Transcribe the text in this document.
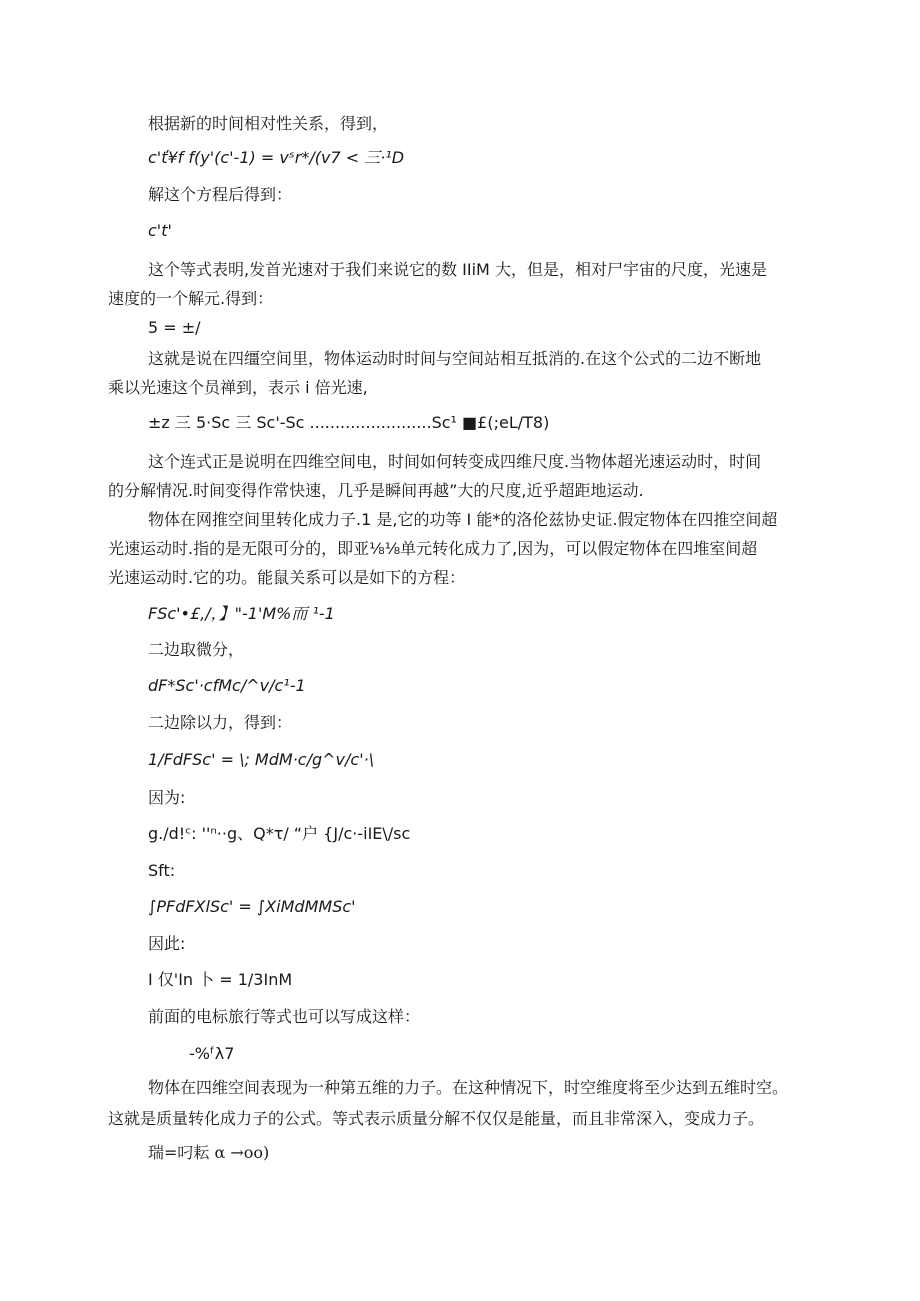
根据新的时间相对性关系，得到，
c'ť¥f f(y'(c'-1) = vˢr*/(v7 < 三·¹D
解这个方程后得到：
c't'
这个等式表明,发首光速对于我们来说它的数 IIiM 大，但是，相对尸宇宙的尺度，光速是
速度的一个解元.得到：
5 = ±/
这就是说在四缰空间里，物体运动时时间与空间站相互抵消的.在这个公式的二边不断地
乘以光速这个员禅到，表示 i 倍光速,
±z 三 5·Sc 三 Sc'-Sc ........................Sc¹ ■£(;eL/T8)
这个连式正是说明在四维空间电，时间如何转变成四维尺度.当物体超光速运动时，时间
的分解情况.时间变得作常快速，几乎是瞬间再越”大的尺度,近乎超距地运动.
物体在网推空间里转化成力子.1 是,它的功等 I 能*的洛伦兹协史证.假定物体在四推空间超
光速运动时.指的是无限可分的，即亚⅛⅛单元转化成力了,因为，可以假定物体在四堆室间超
光速运动时.它的功。能鼠关系可以是如下的方程：
FSc'•£,/，】"-1'M%而 ¹-1
二边取微分，
dF*Sc'·cfMc/^v/c¹-1
二边除以力，得到：
1/FdFSc' = \; MdM·c/g^v/c'·\
因为:
g./d!ᶜ: ''ⁿ··g、Q*τ/ “户 {J/c·-iIE\/sc
Sft:
∫PFdFXlSc' = ∫XiMdMMSc'
因此:
I 仅'In 卜 = 1/3InM
前面的电标旅行等式也可以写成这样：
-%ᶠλ7
物体在四维空间表现为一种第五维的力子。在这种情况下，时空维度将至少达到五维时空。
这就是质量转化成力子的公式。等式表示质量分解不仅仅是能量，而且非常深入，变成力子。
瑞=叼耘 α →oo)
